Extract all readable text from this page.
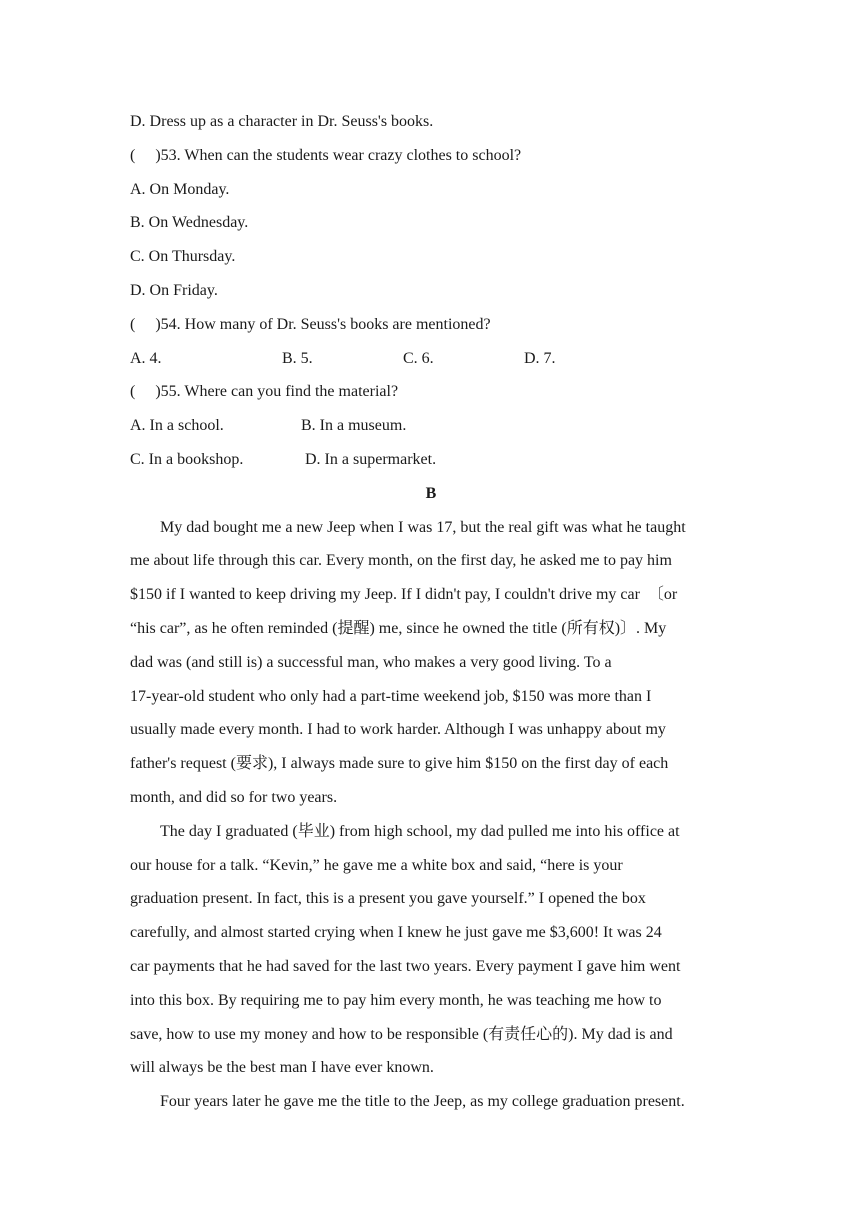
D. Dress up as a character in Dr. Seuss's books.

(     )53. When can the students wear crazy clothes to school?

A. On Monday.

B. On Wednesday.

C. On Thursday.

D. On Friday.

(     )54. How many of Dr. Seuss's books are mentioned?

A. 4.	B. 5.	C. 6.	D. 7.

(     )55. Where can you find the material?

A. In a school.	B. In a museum.
C. In a bookshop.	D. In a supermarket.

B

My dad bought me a new Jeep when I was 17, but the real gift was what he taught
me about life through this car. Every month, on the first day, he asked me to pay him
$150 if I wanted to keep driving my Jeep. If I didn't pay, I couldn't drive my car  〔or
“his car”, as he often reminded (提醒) me, since he owned the title (所有权)〕. My
dad was (and still is) a successful man, who makes a very good living. To a
17-year-old student who only had a part-time weekend job, $150 was more than I
usually made every month. I had to work harder. Although I was unhappy about my
father's request (要求), I always made sure to give him $150 on the first day of each
month, and did so for two years.
The day I graduated (毕业) from high school, my dad pulled me into his office at
our house for a talk. “Kevin,” he gave me a white box and said, “here is your
graduation present. In fact, this is a present you gave yourself.” I opened the box
carefully, and almost started crying when I knew he just gave me $3,600! It was 24
car payments that he had saved for the last two years. Every payment I gave him went
into this box. By requiring me to pay him every month, he was teaching me how to
save, how to use my money and how to be responsible (有责任心的). My dad is and
will always be the best man I have ever known.
Four years later he gave me the title to the Jeep, as my college graduation present.
